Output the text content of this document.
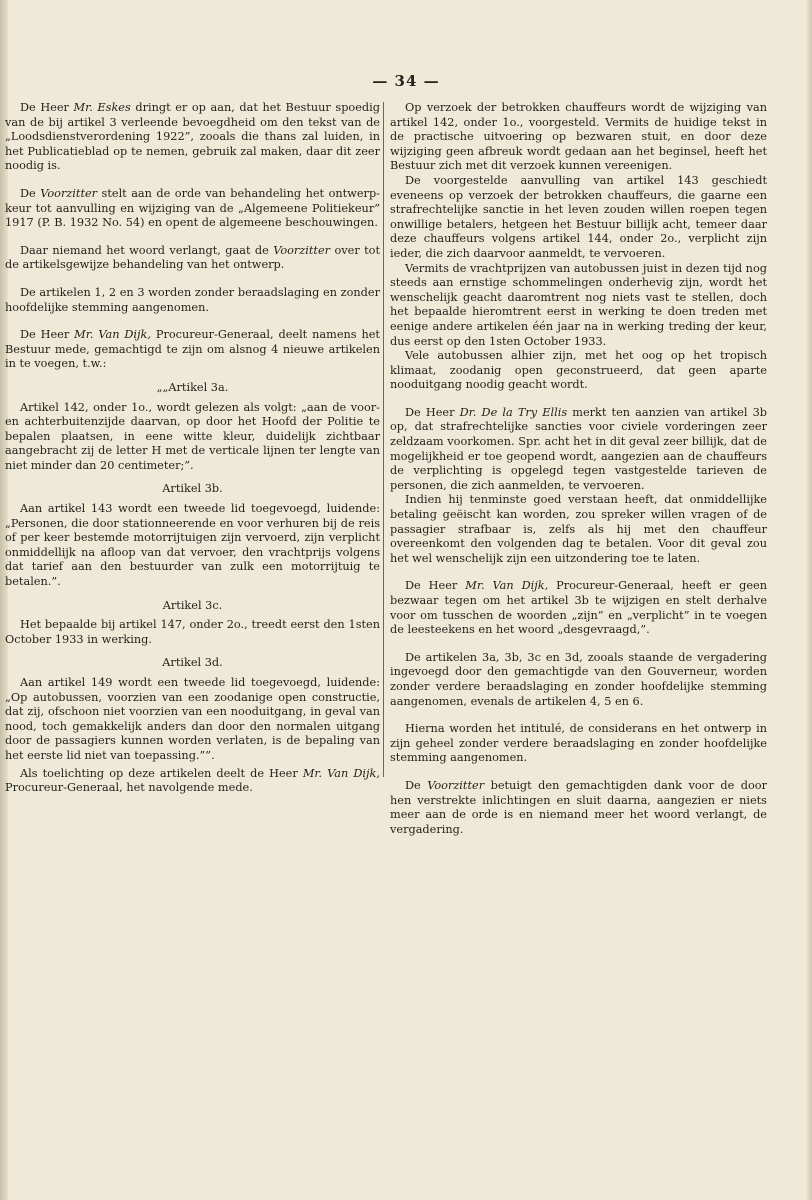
— 34 —

De Heer Mr. Eskes dringt er op aan, dat het Bestuur spoedig van de bij artikel 3 verleende bevoegdheid om den tekst van de „Loodsdienstverordening 1922”, zooals die thans zal luiden, in het Publicatieblad op te nemen, gebruik zal maken, daar dit zeer noodig is.

De Voorzitter stelt aan de orde van behandeling het ontwerp-keur tot aanvulling en wijziging van de „Algemeene Politiekeur” 1917 (P. B. 1932 No. 54) en opent de algemeene beschouwingen.

Daar niemand het woord verlangt, gaat de Voorzitter over tot de artikelsgewijze behandeling van het ontwerp.

De artikelen 1, 2 en 3 worden zonder beraadslaging en zonder hoofdelijke stemming aangenomen.

De Heer Mr. Van Dijk, Procureur-Generaal, deelt namens het Bestuur mede, gemachtigd te zijn om alsnog 4 nieuwe artikelen in te voegen, t.w.:

„„Artikel 3a.

Artikel 142, onder 1o., wordt gelezen als volgt: „aan de voor- en achterbuitenzijde daarvan, op door het Hoofd der Politie te bepalen plaatsen, in eene witte kleur, duidelijk zichtbaar aangebracht zij de letter H met de verticale lijnen ter lengte van niet minder dan 20 centimeter;”.

Artikel 3b.

Aan artikel 143 wordt een tweede lid toegevoegd, luidende: „Personen, die door stationneerende en voor verhuren bij de reis of per keer bestemde motorrijtuigen zijn vervoerd, zijn verplicht onmiddellijk na afloop van dat vervoer, den vrachtprijs volgens dat tarief aan den bestuurder van zulk een motorrijtuig te betalen.”.

Artikel 3c.

Het bepaalde bij artikel 147, onder 2o., treedt eerst den 1sten October 1933 in werking.

Artikel 3d.

Aan artikel 149 wordt een tweede lid toegevoegd, luidende: „Op autobussen, voorzien van een zoodanige open constructie, dat zij, ofschoon niet voorzien van een nooduitgang, in geval van nood, toch gemakkelijk anders dan door den normalen uitgang door de passagiers kunnen worden verlaten, is de bepaling van het eerste lid niet van toepassing.””.

Als toelichting op deze artikelen deelt de Heer Mr. Van Dijk, Procureur-Generaal, het navolgende mede.

Op verzoek der betrokken chauffeurs wordt de wijziging van artikel 142, onder 1o., voorgesteld. Vermits de huidige tekst in de practische uitvoering op bezwaren stuit, en door deze wijziging geen afbreuk wordt gedaan aan het beginsel, heeft het Bestuur zich met dit verzoek kunnen vereenigen.

De voorgestelde aanvulling van artikel 143 geschiedt eveneens op verzoek der betrokken chauffeurs, die gaarne een strafrechtelijke sanctie in het leven zouden willen roepen tegen onwillige betalers, hetgeen het Bestuur billijk acht, temeer daar deze chauffeurs volgens artikel 144, onder 2o., verplicht zijn ieder, die zich daarvoor aanmeldt, te vervoeren.

Vermits de vrachtprijzen van autobussen juist in dezen tijd nog steeds aan ernstige schommelingen onderhevig zijn, wordt het wenschelijk geacht daaromtrent nog niets vast te stellen, doch het bepaalde hieromtrent eerst in werking te doen treden met eenige andere artikelen één jaar na in werking treding der keur, dus eerst op den 1sten October 1933.

Vele autobussen alhier zijn, met het oog op het tropisch klimaat, zoodanig open geconstrueerd, dat geen aparte nooduitgang noodig geacht wordt.

De Heer Dr. De la Try Ellis merkt ten aanzien van artikel 3b op, dat strafrechtelijke sancties voor civiele vorderingen zeer zeldzaam voorkomen. Spr. acht het in dit geval zeer billijk, dat de mogelijkheid er toe geopend wordt, aangezien aan de chauffeurs de verplichting is opgelegd tegen vastgestelde tarieven de personen, die zich aanmelden, te vervoeren.

Indien hij tenminste goed verstaan heeft, dat onmiddellijke betaling geëischt kan worden, zou spreker willen vragen of de passagier strafbaar is, zelfs als hij met den chauffeur overeenkomt den volgenden dag te betalen. Voor dit geval zou het wel wenschelijk zijn een uitzondering toe te laten.

De Heer Mr. Van Dijk, Procureur-Generaal, heeft er geen bezwaar tegen om het artikel 3b te wijzigen en stelt derhalve voor om tusschen de woorden „zijn” en „verplicht” in te voegen de leesteekens en het woord „desgevraagd,”.

De artikelen 3a, 3b, 3c en 3d, zooals staande de vergadering ingevoegd door den gemachtigde van den Gouverneur, worden zonder verdere beraadslaging en zonder hoofdelijke stemming aangenomen, evenals de artikelen 4, 5 en 6.

Hierna worden het intitulé, de considerans en het ontwerp in zijn geheel zonder verdere beraadslaging en zonder hoofdelijke stemming aangenomen.

De Voorzitter betuigt den gemachtigden dank voor de door hen verstrekte inlichtingen en sluit daarna, aangezien er niets meer aan de orde is en niemand meer het woord verlangt, de vergadering.
